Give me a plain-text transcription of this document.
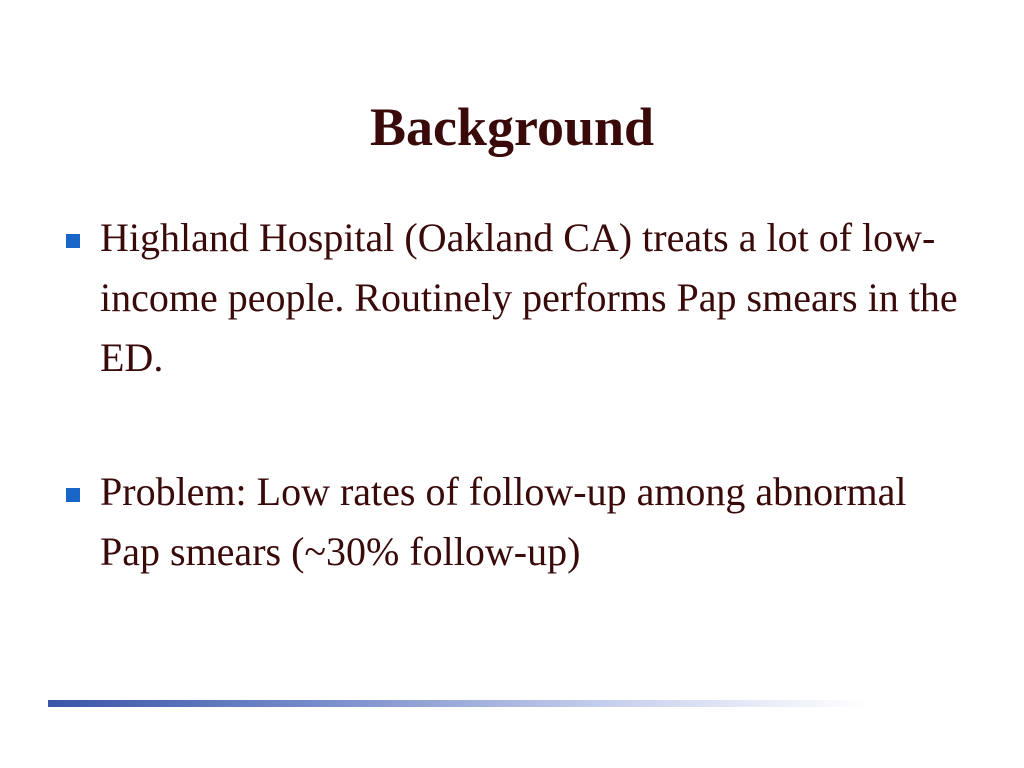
Background
Highland Hospital (Oakland CA) treats a lot of low-income people. Routinely performs Pap smears in the ED.
Problem: Low rates of follow-up among abnormal Pap smears (~30% follow-up)
